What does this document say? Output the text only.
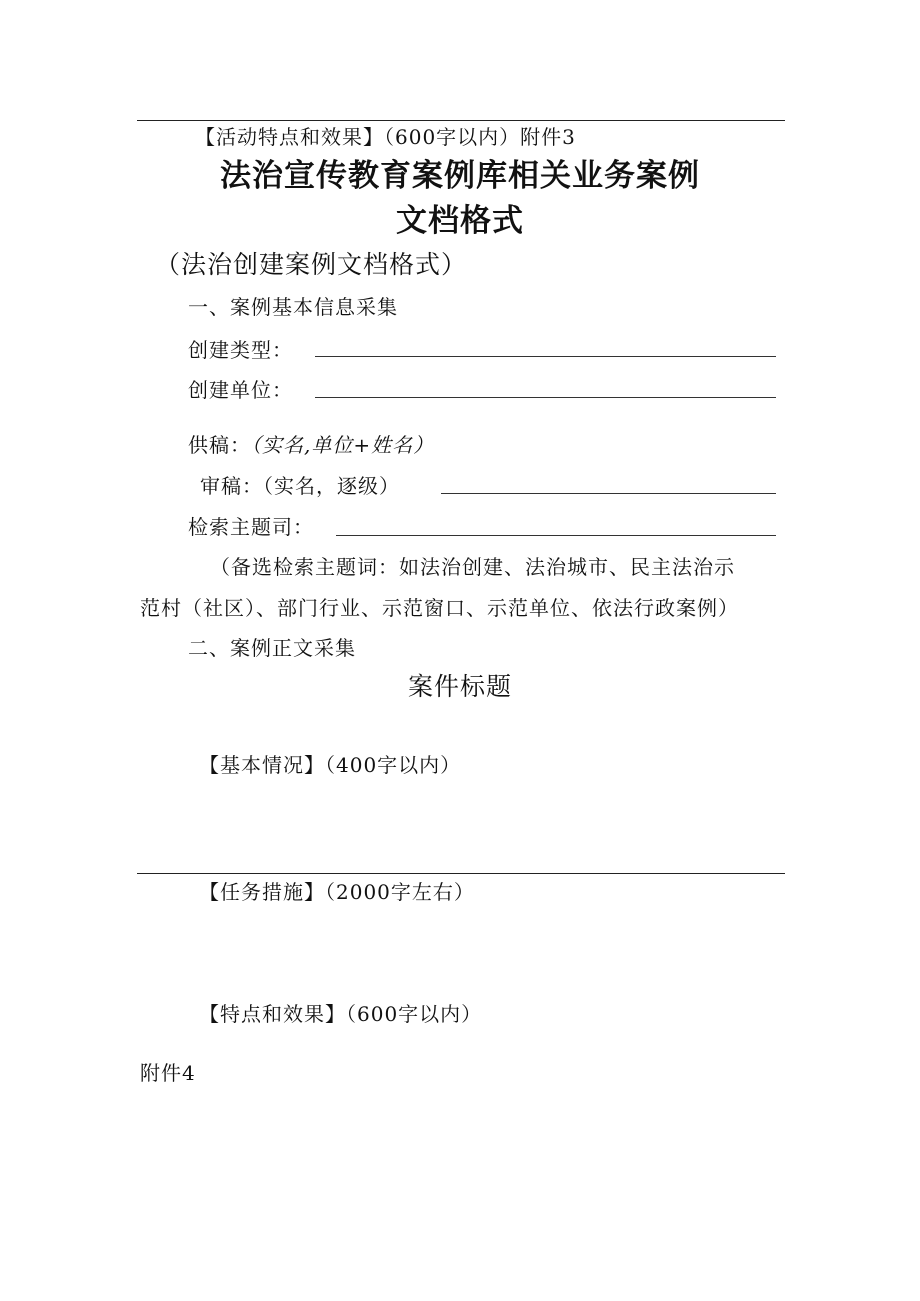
【活动特点和效果】（600字以内）附件3
法治宣传教育案例库相关业务案例
文档格式
（法治创建案例文档格式）
一、案例基本信息采集
创建类型：
创建单位：
供稿：（实名,单位+姓名）
审稿：（实名，逐级）
检索主题司：
（备选检索主题词：如法治创建、法治城市、民主法治示
范村（社区）、部门行业、示范窗口、示范单位、依法行政案例）
二、案例正文采集
案件标题
【基本情况】（400字以内）
【任务措施】（2000字左右）
【特点和效果】（600字以内）
附件4
